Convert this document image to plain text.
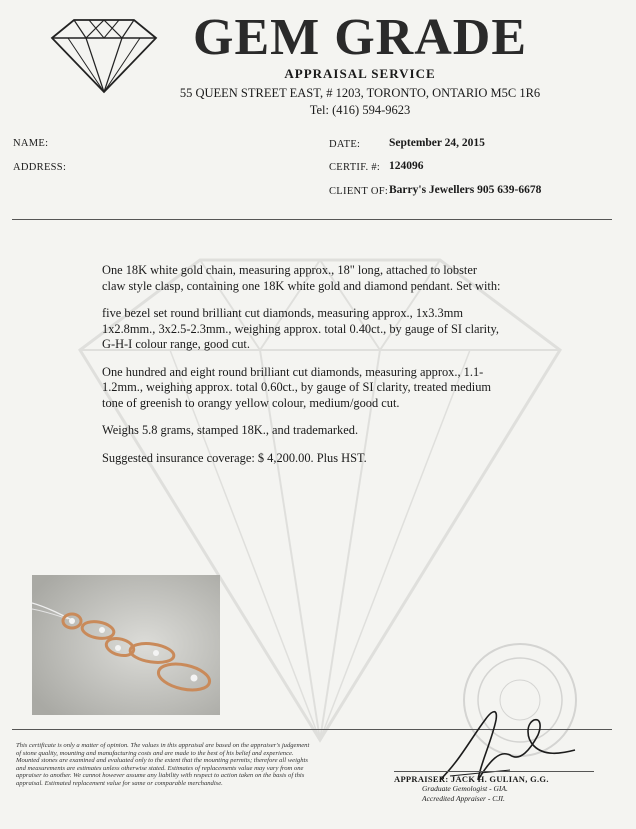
GEM GRADE
APPRAISAL SERVICE
55 QUEEN STREET EAST, # 1203, TORONTO, ONTARIO M5C 1R6
Tel: (416) 594-9623
NAME:
ADDRESS:
DATE:	September 24, 2015
CERTIF. #: 124096
CLIENT OF: Barry's Jewellers 905 639-6678

One 18K white gold chain, measuring approx., 18" long, attached to lobster claw style clasp, containing one 18K white gold and diamond pendant. Set with:

five bezel set round brilliant cut diamonds, measuring approx., 1x3.3mm 1x2.8mm., 3x2.5-2.3mm., weighing approx. total 0.40ct., by gauge of SI clarity, G-H-I colour range, good cut.

One hundred and eight round brilliant cut diamonds, measuring approx., 1.1-1.2mm., weighing approx. total 0.60ct., by gauge of SI clarity, treated medium tone of greenish to orangy yellow colour, medium/good cut.

Weighs 5.8 grams, stamped 18K., and trademarked.

Suggested insurance coverage: $ 4,200.00. Plus HST.

This certificate is only a matter of opinion. The values in this appraisal are based on the appraiser's judgement of stone quality, mounting and manufacturing costs and are made to the best of his belief and experience. Mounted stones are examined and evaluated only to the extent that the mounting permits; therefore all weights and measurements are estimates unless otherwise stated. Estimates of replacements value may vary from one appraiser to another. We cannot however assume any liability with respect to action taken on the basis of this appraisal. Estimated replacement value for same or comparable merchandise.	APPRAISER: JACK H. GULIAN, G.G.
Graduate Gemologist - GIA.
Accredited Appraiser - CJI.
